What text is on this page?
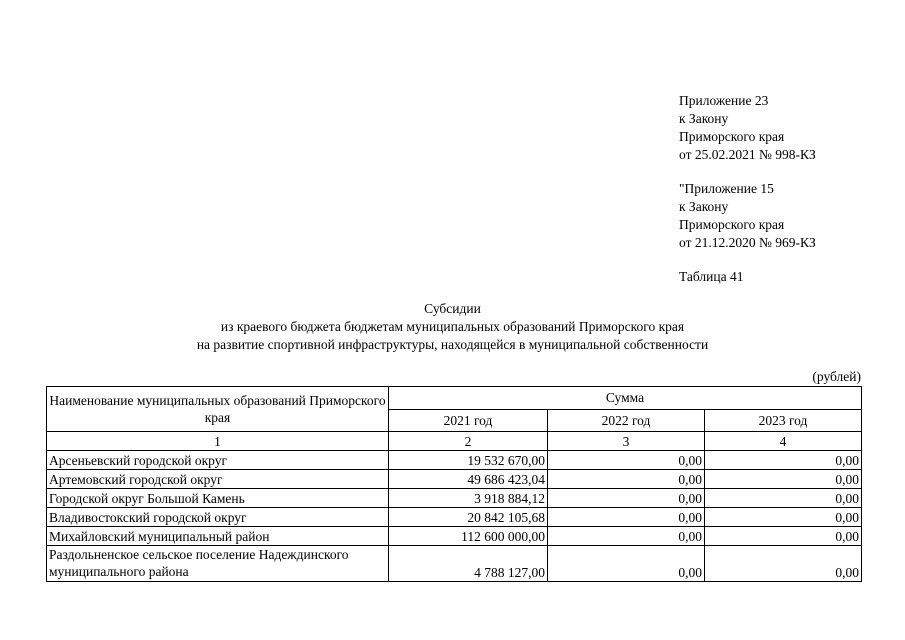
Приложение 23
к Закону
Приморского края
от 25.02.2021 № 998-КЗ
"Приложение 15
к Закону
Приморского края
от 21.12.2020 № 969-КЗ
Таблица 41
Субсидии
из краевого бюджета бюджетам муниципальных образований Приморского края
на развитие спортивной инфраструктуры, находящейся в муниципальной собственности
(рублей)
Наименование муниципальных образований Приморского края	Сумма		
	2021 год	2022 год	2023 год
1	2	3	4
Арсеньевский городской округ	19 532 670,00	0,00	0,00
Артемовский городской округ	49 686 423,04	0,00	0,00
Городской округ Большой Камень	3 918 884,12	0,00	0,00
Владивостокский городской округ	20 842 105,68	0,00	0,00
Михайловский муниципальный район	112 600 000,00	0,00	0,00
Раздольненское сельское поселение Надеждинского муниципального района	4 788 127,00	0,00	0,00
